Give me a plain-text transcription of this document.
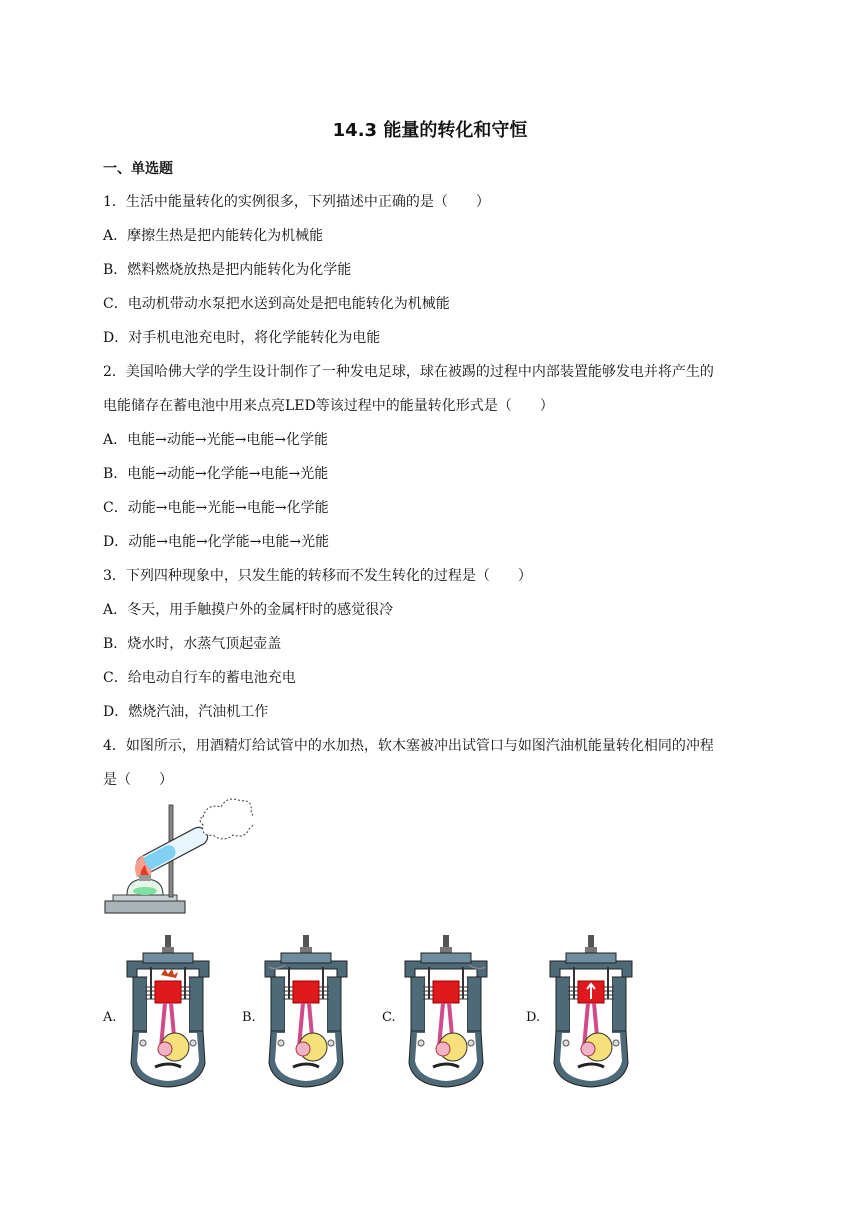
14.3 能量的转化和守恒
一、单选题
1．生活中能量转化的实例很多，下列描述中正确的是（　　）
A．摩擦生热是把内能转化为机械能
B．燃料燃烧放热是把内能转化为化学能
C．电动机带动水泵把水送到高处是把电能转化为机械能
D．对手机电池充电时，将化学能转化为电能
2．美国哈佛大学的学生设计制作了一种发电足球，球在被踢的过程中内部装置能够发电并将产生的
电能储存在蓄电池中用来点亮LED等该过程中的能量转化形式是（　　）
A．电能→动能→光能→电能→化学能
B．电能→动能→化学能→电能→光能
C．动能→电能→光能→电能→化学能
D．动能→电能→化学能→电能→光能
3．下列四种现象中，只发生能的转移而不发生转化的过程是（　　）
A．冬天，用手触摸户外的金属杆时的感觉很冷
B．烧水时，水蒸气顶起壶盖
C．给电动自行车的蓄电池充电
D．燃烧汽油，汽油机工作
4．如图所示，用酒精灯给试管中的水加热，软木塞被冲出试管口与如图汽油机能量转化相同的冲程
是（　　）
A.	B.	C.	D.
